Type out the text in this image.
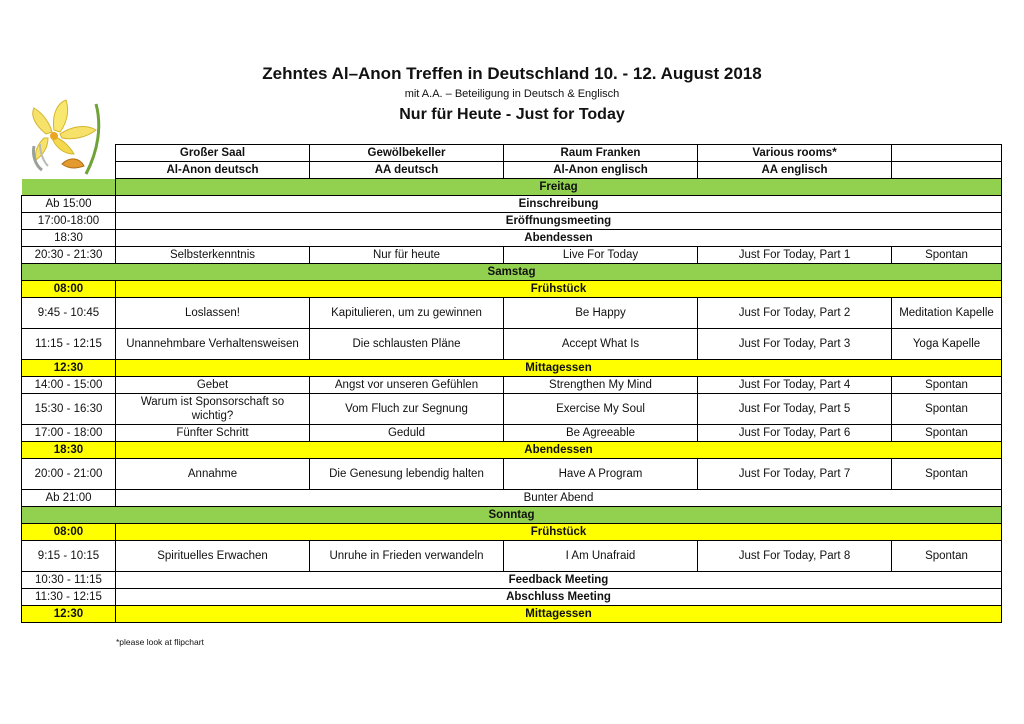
Zehntes Al–Anon Treffen in Deutschland 10. - 12. August 2018
mit A.A. – Beteiligung in Deutsch & Englisch
Nur für Heute - Just for Today
	Großer Saal	Gewölbekeller	Raum Franken	Various rooms*	
	Al-Anon deutsch	AA deutsch	Al-Anon englisch	AA englisch	
	Freitag				
Ab 15:00	Einschreibung				
17:00-18:00	Eröffnungsmeeting				
18:30	Abendessen				
20:30 - 21:30	Selbsterkenntnis	Nur für heute	Live For Today	Just For Today, Part 1	Spontan
Samstag					
08:00	Frühstück				
9:45 - 10:45	Loslassen!	Kapitulieren, um zu gewinnen	Be Happy	Just For Today, Part 2	Meditation Kapelle
11:15 - 12:15	Unannehmbare Verhaltensweisen	Die schlausten Pläne	Accept What Is	Just For Today, Part 3	Yoga Kapelle
12:30	Mittagessen				
14:00 - 15:00	Gebet	Angst vor unseren Gefühlen	Strengthen My Mind	Just For Today, Part 4	Spontan
15:30 - 16:30	Warum ist Sponsorschaft so wichtig?	Vom Fluch zur Segnung	Exercise My Soul	Just For Today, Part 5	Spontan
17:00 - 18:00	Fünfter Schritt	Geduld	Be Agreeable	Just For Today, Part 6	Spontan
18:30	Abendessen				
20:00 - 21:00	Annahme	Die Genesung lebendig halten	Have A Program	Just For Today, Part 7	Spontan
Ab 21:00	Bunter Abend				
Sonntag					
08:00	Frühstück				
9:15 - 10:15	Spirituelles Erwachen	Unruhe in Frieden verwandeln	I Am Unafraid	Just For Today, Part 8	Spontan
10:30 - 11:15	Feedback Meeting				
11:30 - 12:15	Abschluss Meeting				
12:30	Mittagessen				
*please look at flipchart
